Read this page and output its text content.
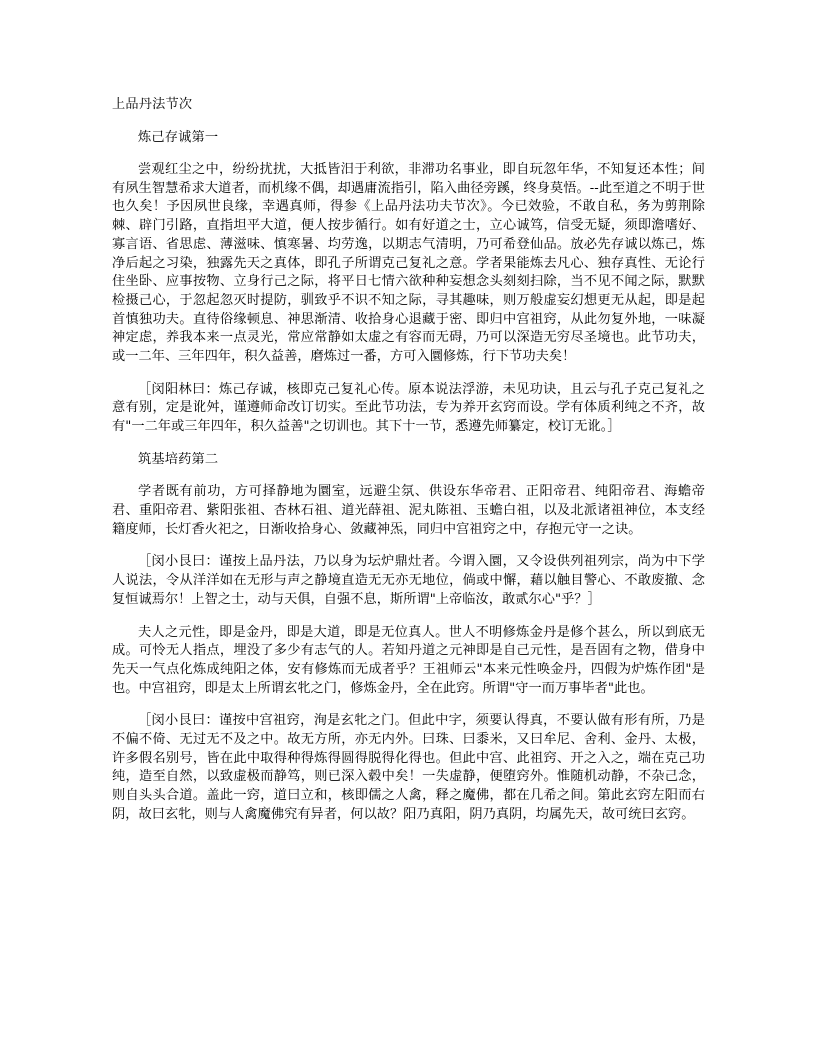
上品丹法节次
炼己存诚第一
尝观红尘之中，纷纷扰扰，大抵皆汨于利欲，非滞功名事业，即自玩忽年华，不知复还本性；间有夙生智慧希求大道者，而机缘不偶，却遇庸流指引，陷入曲径旁蹊，终身莫悟。--此至道之不明于世也久矣！予因夙世良缘，幸遇真师，得参《上品丹法功夫节次》。今已效验，不敢自私，务为剪荆除棘、辟门引路，直指坦平大道，便人按步循行。如有好道之士，立心诚笃，信受无疑，须即澹嗜好、寡言语、省思虑、薄滋味、慎寒暑、均劳逸，以期志气清明，乃可希登仙品。放必先存诚以炼己，炼净后起之习染，独露先天之真体，即孔子所谓克己复礼之意。学者果能炼去凡心、独存真性、无论行住坐卧、应事按物、立身行己之际，将平日七情六欲种种妄想念头刻刻扫除，当不见不闻之际，默默检摄己心，于忽起忽灭时提防，驯致乎不识不知之际，寻其趣味，则万般虚妄幻想更无从起，即是起首慎独功夫。直待俗缘顿息、神思渐清、收拾身心退藏于密、即归中宫祖窍，从此勿复外地，一味凝神定虑，养我本来一点灵光，常应常静如太虚之有容而无碍，乃可以深造无穷尽圣境也。此节功夫，或一二年、三年四年，积久益善，磨炼过一番，方可入圜修炼，行下节功夫矣！
［闵阳林曰：炼己存诚，核即克己复礼心传。原本说法浮游，未见功诀，且云与孔子克己复礼之意有别，定是讹舛，谨遵师命改订切实。至此节功法，专为养开玄窍而设。学有体质利纯之不齐，故有"一二年或三年四年，积久益善"之切训也。其下十一节，悉遵先师纂定，校订无讹。］
筑基培药第二
学者既有前功，方可择静地为圜室，远避尘氛、供设东华帝君、正阳帝君、纯阳帝君、海蟾帝君、重阳帝君、紫阳张祖、杏林石祖、道光薛祖、泥丸陈祖、玉蟾白祖，以及北派诸祖神位，本支经籍度师，长灯香火祀之，日渐收拾身心、敛藏神炁，同归中宫祖窍之中，存抱元守一之诀。
［闵小艮曰：谨按上品丹法，乃以身为坛炉鼎灶者。今谓入圜，又令设供列祖列宗，尚为中下学人说法，令从洋洋如在无形与声之静境直造无无亦无地位，倘或中懈，藉以触目警心、不敢废撤、念复恒诚焉尔！上智之士，动与天俱，自强不息，斯所谓"上帝临汝，敢贰尔心"乎？］
夫人之元性，即是金丹，即是大道，即是无位真人。世人不明修炼金丹是修个甚么，所以到底无成。可怜无人指点，埋没了多少有志气的人。若知丹道之元神即是自己元性，是吾固有之物，借身中先天一气点化炼成纯阳之体，安有修炼而无成者乎？王祖师云"本来元性唤金丹，四假为炉炼作团"是也。中宫祖窍，即是太上所谓玄牝之门，修炼金丹，全在此窍。所谓"守一而万事毕者"此也。
［闵小艮曰：谨按中宫祖窍，洵是玄牝之门。但此中字，须要认得真，不要认做有形有所，乃是不偏不倚、无过无不及之中。故无方所，亦无内外。曰珠、曰黍米，又曰牟尼、舍利、金丹、太极，许多假名别号，皆在此中取得种得炼得圆得脱得化得也。但此中宫、此祖窍、开之入之，端在克己功纯，造至自然，以致虚极而静笃，则已深入毂中矣！一失虚静，便堕窍外。惟随机动静，不杂己念，则自头头合道。盖此一窍，道曰立和，核即儒之人禽，释之魔佛，都在几希之间。第此玄窍左阳而右阴，故曰玄牝，则与人禽魔佛究有异者，何以故？阳乃真阳，阴乃真阴，均属先天，故可统曰玄窍。
